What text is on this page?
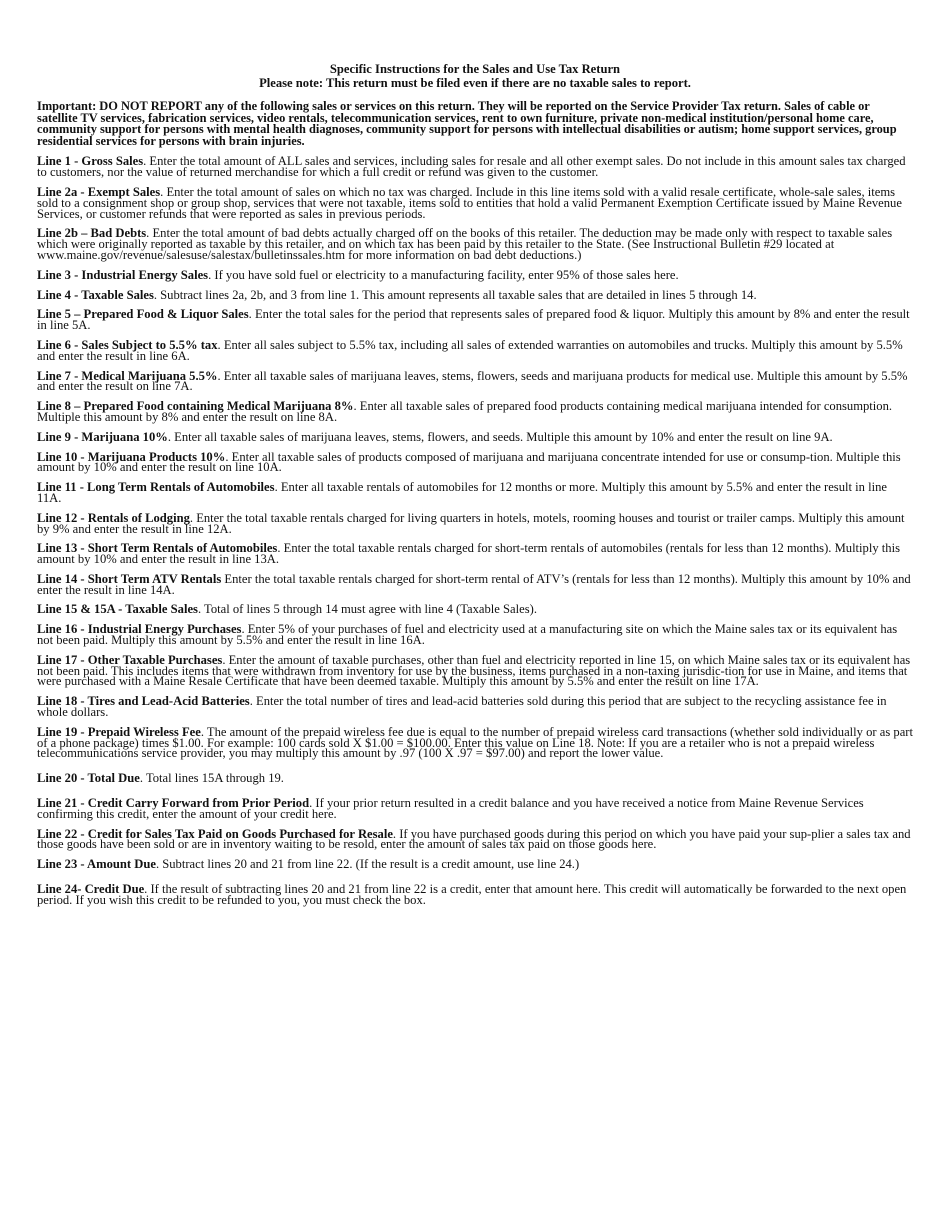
Specific Instructions for the Sales and Use Tax Return
Please note: This return must be filed even if there are no taxable sales to report.
Important: DO NOT REPORT any of the following sales or services on this return. They will be reported on the Service Provider Tax return. Sales of cable or satellite TV services, fabrication services, video rentals, telecommunication services, rent to own furniture, private non-medical institution/personal home care, community support for persons with mental health diagnoses, community support for persons with intellectual disabilities or autism; home support services, group residential services for persons with brain injuries.
Line 1 - Gross Sales. Enter the total amount of ALL sales and services, including sales for resale and all other exempt sales. Do not include in this amount sales tax charged to customers, nor the value of returned merchandise for which a full credit or refund was given to the customer.
Line 2a - Exempt Sales. Enter the total amount of sales on which no tax was charged. Include in this line items sold with a valid resale certificate, whole-sale sales, items sold to a consignment shop or group shop, services that were not taxable, items sold to entities that hold a valid Permanent Exemption Certificate issued by Maine Revenue Services, or customer refunds that were reported as sales in previous periods.
Line 2b – Bad Debts. Enter the total amount of bad debts actually charged off on the books of this retailer. The deduction may be made only with respect to taxable sales which were originally reported as taxable by this retailer, and on which tax has been paid by this retailer to the State. (See Instructional Bulletin #29 located at www.maine.gov/revenue/salesuse/salestax/bulletinssales.htm for more information on bad debt deductions.)
Line 3 - Industrial Energy Sales. If you have sold fuel or electricity to a manufacturing facility, enter 95% of those sales here.
Line 4 - Taxable Sales. Subtract lines 2a, 2b, and 3 from line 1. This amount represents all taxable sales that are detailed in lines 5 through 14.
Line 5 – Prepared Food & Liquor Sales. Enter the total sales for the period that represents sales of prepared food & liquor. Multiply this amount by 8% and enter the result in line 5A.
Line 6 - Sales Subject to 5.5% tax. Enter all sales subject to 5.5% tax, including all sales of extended warranties on automobiles and trucks. Multiply this amount by 5.5% and enter the result in line 6A.
Line 7 - Medical Marijuana 5.5%. Enter all taxable sales of marijuana leaves, stems, flowers, seeds and marijuana products for medical use. Multiple this amount by 5.5% and enter the result on line 7A.
Line 8 – Prepared Food containing Medical Marijuana 8%. Enter all taxable sales of prepared food products containing medical marijuana intended for consumption. Multiple this amount by 8% and enter the result on line 8A.
Line 9 - Marijuana 10%. Enter all taxable sales of marijuana leaves, stems, flowers, and seeds. Multiple this amount by 10% and enter the result on line 9A.
Line 10 - Marijuana Products 10%. Enter all taxable sales of products composed of marijuana and marijuana concentrate intended for use or consump-tion. Multiple this amount by 10% and enter the result on line 10A.
Line 11 - Long Term Rentals of Automobiles. Enter all taxable rentals of automobiles for 12 months or more. Multiply this amount by 5.5% and enter the result in line 11A.
Line 12 - Rentals of Lodging. Enter the total taxable rentals charged for living quarters in hotels, motels, rooming houses and tourist or trailer camps. Multiply this amount by 9% and enter the result in line 12A.
Line 13 - Short Term Rentals of Automobiles. Enter the total taxable rentals charged for short-term rentals of automobiles (rentals for less than 12 months). Multiply this amount by 10% and enter the result in line 13A.
Line 14 - Short Term ATV Rentals Enter the total taxable rentals charged for short-term rental of ATV’s (rentals for less than 12 months). Multiply this amount by 10% and enter the result in line 14A.
Line 15 & 15A - Taxable Sales. Total of lines 5 through 14 must agree with line 4 (Taxable Sales).
Line 16 - Industrial Energy Purchases. Enter 5% of your purchases of fuel and electricity used at a manufacturing site on which the Maine sales tax or its equivalent has not been paid. Multiply this amount by 5.5% and enter the result in line 16A.
Line 17 - Other Taxable Purchases. Enter the amount of taxable purchases, other than fuel and electricity reported in line 15, on which Maine sales tax or its equivalent has not been paid. This includes items that were withdrawn from inventory for use by the business, items purchased in a non-taxing jurisdic-tion for use in Maine, and items that were purchased with a Maine Resale Certificate that have been deemed taxable. Multiply this amount by 5.5% and enter the result on line 17A.
Line 18 - Tires and Lead-Acid Batteries. Enter the total number of tires and lead-acid batteries sold during this period that are subject to the recycling assistance fee in whole dollars.
Line 19 - Prepaid Wireless Fee. The amount of the prepaid wireless fee due is equal to the number of prepaid wireless card transactions (whether sold individually or as part of a phone package) times $1.00. For example: 100 cards sold X $1.00 = $100.00. Enter this value on Line 18. Note: If you are a retailer who is not a prepaid wireless telecommunications service provider, you may multiply this amount by .97 (100 X .97 = $97.00) and report the lower value.
Line 20 - Total Due. Total lines 15A through 19.
Line 21 - Credit Carry Forward from Prior Period. If your prior return resulted in a credit balance and you have received a notice from Maine Revenue Services confirming this credit, enter the amount of your credit here.
Line 22 - Credit for Sales Tax Paid on Goods Purchased for Resale. If you have purchased goods during this period on which you have paid your sup-plier a sales tax and those goods have been sold or are in inventory waiting to be resold, enter the amount of sales tax paid on those goods here.
Line 23 - Amount Due. Subtract lines 20 and 21 from line 22. (If the result is a credit amount, use line 24.)
Line 24- Credit Due. If the result of subtracting lines 20 and 21 from line 22 is a credit, enter that amount here. This credit will automatically be forwarded to the next open period. If you wish this credit to be refunded to you, you must check the box.
